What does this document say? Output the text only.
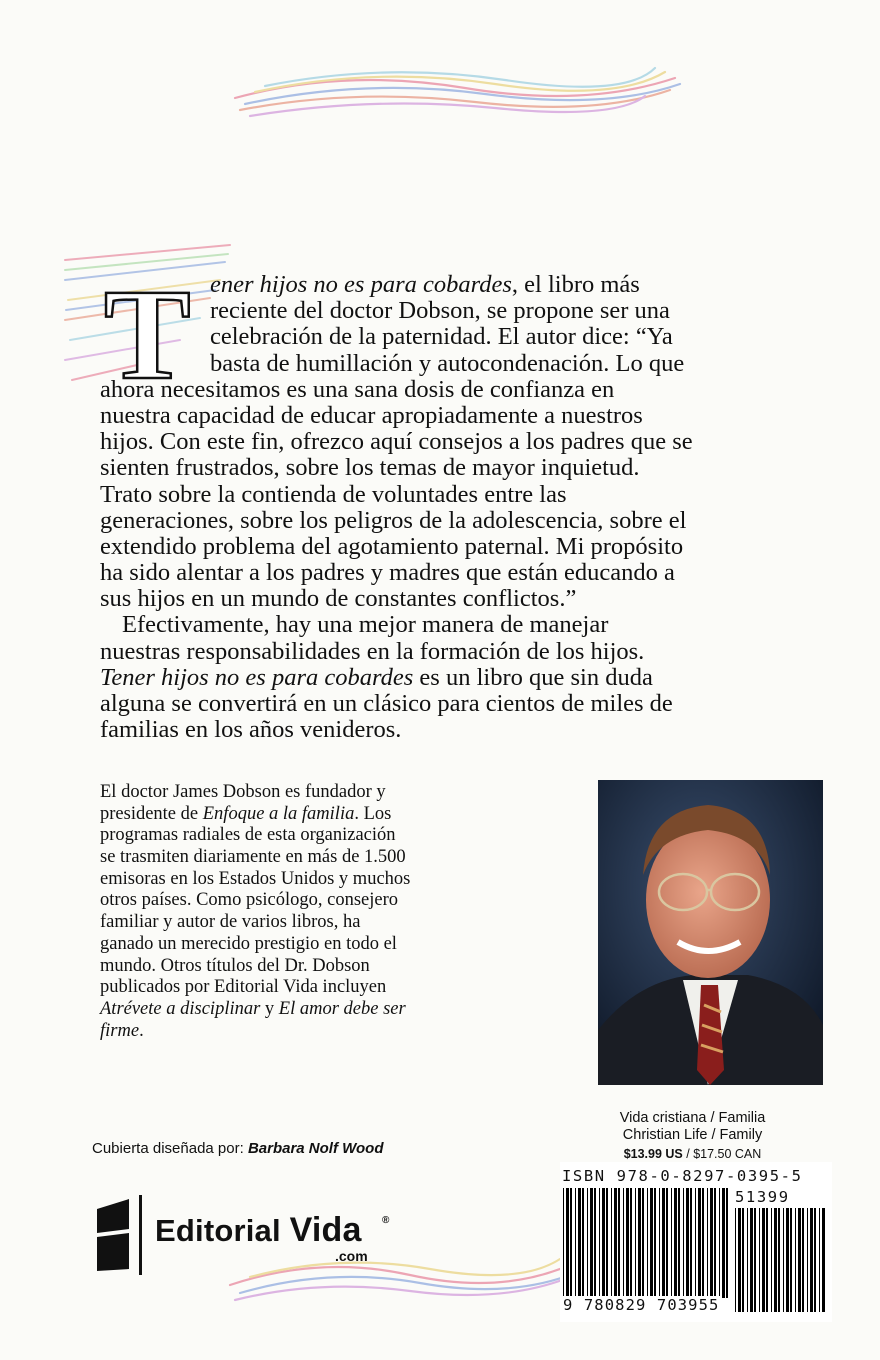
T ener hijos no es para cobardes, el libro más
reciente del doctor Dobson, se propone ser una
celebración de la paternidad. El autor dice: “Ya
basta de humillación y autocondenación. Lo que
ahora necesitamos es una sana dosis de confianza en
nuestra capacidad de educar apropiadamente a nuestros
hijos. Con este fin, ofrezco aquí consejos a los padres que se
sienten frustrados, sobre los temas de mayor inquietud.
Trato sobre la contienda de voluntades entre las
generaciones, sobre los peligros de la adolescencia, sobre el
extendido problema del agotamiento paternal. Mi propósito
ha sido alentar a los padres y madres que están educando a
sus hijos en un mundo de constantes conflictos.”
Efectivamente, hay una mejor manera de manejar
nuestras responsabilidades en la formación de los hijos.
Tener hijos no es para cobardes es un libro que sin duda
alguna se convertirá en un clásico para cientos de miles de
familias en los años venideros.
El doctor James Dobson es fundador y
presidente de Enfoque a la familia. Los
programas radiales de esta organización
se trasmiten diariamente en más de 1.500
emisoras en los Estados Unidos y muchos
otros países. Como psicólogo, consejero
familiar y autor de varios libros, ha
ganado un merecido prestigio en todo el
mundo. Otros títulos del Dr. Dobson
publicados por Editorial Vida incluyen
Atrévete a disciplinar y El amor debe ser
firme.
Vida cristiana / Familia
Christian Life / Family
$13.99 US / $17.50 CAN
Cubierta diseñada por: Barbara Nolf Wood
Editorial Vida ®
.com
ISBN 978-0-8297-0395-5
51399
9 780829 703955
